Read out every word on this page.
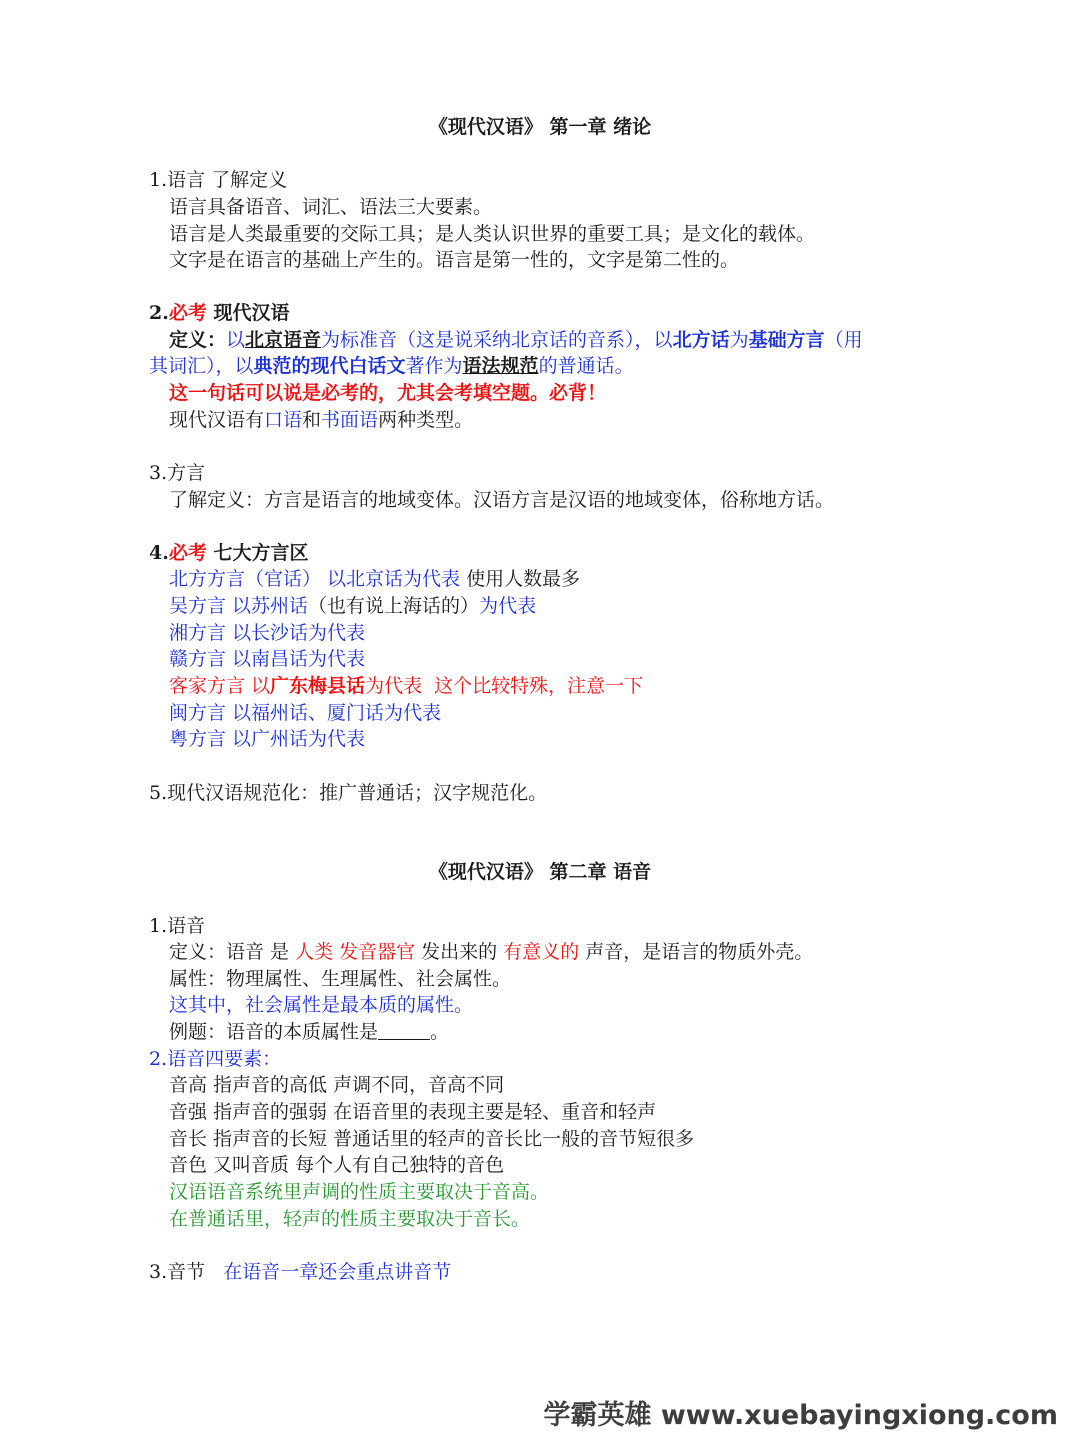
《现代汉语》 第一章 绪论
1.语言 了解定义
语言具备语音、词汇、语法三大要素。
语言是人类最重要的交际工具；是人类认识世界的重要工具；是文化的载体。
文字是在语言的基础上产生的。语言是第一性的，文字是第二性的。
2.必考 现代汉语
定义：以北京语音为标准音（这是说采纳北京话的音系），以北方话为基础方言（用
其词汇），以典范的现代白话文著作为语法规范的普通话。
这一句话可以说是必考的，尤其会考填空题。必背！
现代汉语有口语和书面语两种类型。
3.方言
了解定义：方言是语言的地域变体。汉语方言是汉语的地域变体，俗称地方话。
4.必考 七大方言区
北方方言（官话） 以北京话为代表 使用人数最多
吴方言 以苏州话（也有说上海话的）为代表
湘方言 以长沙话为代表
赣方言 以南昌话为代表
客家方言 以广东梅县话为代表  这个比较特殊，注意一下
闽方言 以福州话、厦门话为代表
粤方言 以广州话为代表
5.现代汉语规范化：推广普通话；汉字规范化。
《现代汉语》 第二章 语音
1.语音
定义：语音 是 人类 发音器官 发出来的 有意义的 声音，是语言的物质外壳。
属性：物理属性、生理属性、社会属性。
这其中，社会属性是最本质的属性。
例题：语音的本质属性是	。
2.语音四要素：
音高 指声音的高低 声调不同，音高不同
音强 指声音的强弱 在语音里的表现主要是轻、重音和轻声
音长 指声音的长短 普通话里的轻声的音长比一般的音节短很多
音色 又叫音质 每个人有自己独特的音色
汉语语音系统里声调的性质主要取决于音高。
在普通话里，轻声的性质主要取决于音长。
3.音节 在语音一章还会重点讲音节
学霸英雄 www.xuebayingxiong.com
